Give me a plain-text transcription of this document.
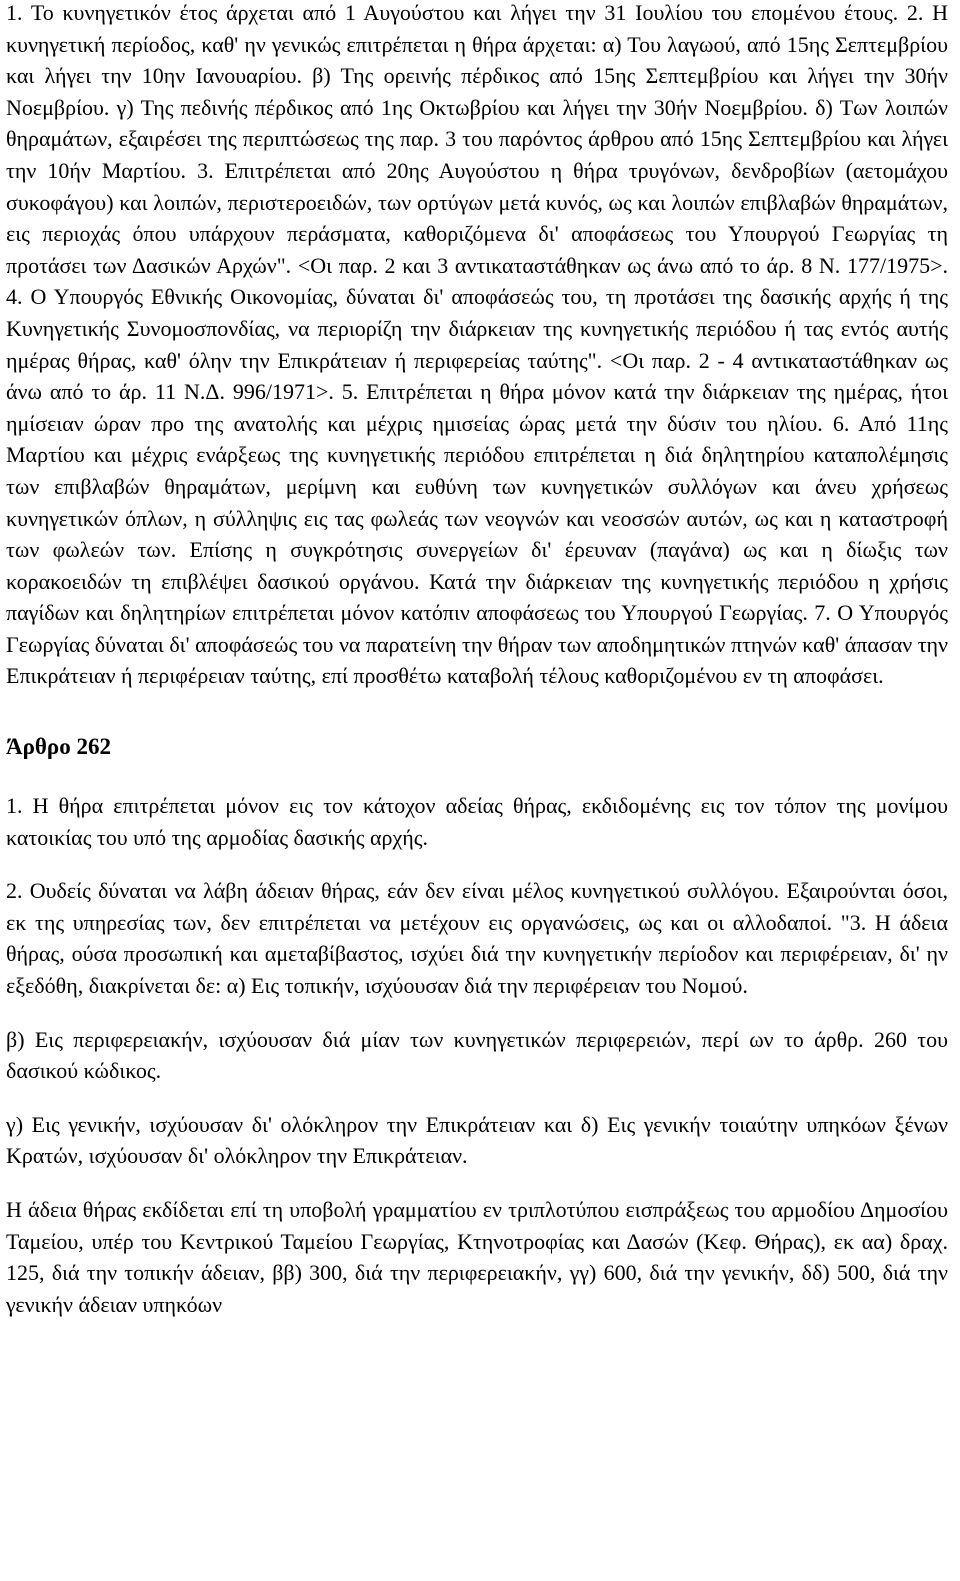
1. Το κυνηγετικόν έτος άρχεται από 1 Αυγούστου και λήγει την 31 Ιουλίου του επομένου έτους. 2. Η κυνηγετική περίοδος, καθ' ην γενικώς επιτρέπεται η θήρα άρχεται: α) Του λαγωού, από 15ης Σεπτεμβρίου και λήγει την 10ην Ιανουαρίου. β) Της ορεινής πέρδικος από 15ης Σεπτεμβρίου και λήγει την 30ήν Νοεμβρίου. γ) Της πεδινής πέρδικος από 1ης Οκτωβρίου και λήγει την 30ήν Νοεμβρίου. δ) Των λοιπών θηραμάτων, εξαιρέσει της περιπτώσεως της παρ. 3 του παρόντος άρθρου από 15ης Σεπτεμβρίου και λήγει την 10ήν Μαρτίου. 3. Επιτρέπεται από 20ης Αυγούστου η θήρα τρυγόνων, δενδροβίων (αετομάχου συκοφάγου) και λοιπών, περιστεροειδών, των ορτύγων μετά κυνός, ως και λοιπών επιβλαβών θηραμάτων, εις περιοχάς όπου υπάρχουν περάσματα, καθοριζόμενα δι' αποφάσεως του Υπουργού Γεωργίας τη προτάσει των Δασικών Αρχών". <Οι παρ. 2 και 3 αντικαταστάθηκαν ως άνω από το άρ. 8 Ν. 177/1975>. 4. Ο Υπουργός Εθνικής Οικονομίας, δύναται δι' αποφάσεώς του, τη προτάσει της δασικής αρχής ή της Κυνηγετικής Συνομοσπονδίας, να περιορίζη την διάρκειαν της κυνηγετικής περιόδου ή τας εντός αυτής ημέρας θήρας, καθ' όλην την Επικράτειαν ή περιφερείας ταύτης". <Οι παρ. 2 - 4 αντικαταστάθηκαν ως άνω από το άρ. 11 Ν.Δ. 996/1971>. 5. Επιτρέπεται η θήρα μόνον κατά την διάρκειαν της ημέρας, ήτοι ημίσειαν ώραν προ της ανατολής και μέχρις ημισείας ώρας μετά την δύσιν του ηλίου. 6. Από 11ης Μαρτίου και μέχρις ενάρξεως της κυνηγετικής περιόδου επιτρέπεται η διά δηλητηρίου καταπολέμησις των επιβλαβών θηραμάτων, μερίμνη και ευθύνη των κυνηγετικών συλλόγων και άνευ χρήσεως κυνηγετικών όπλων, η σύλληψις εις τας φωλεάς των νεογνών και νεοσσών αυτών, ως και η καταστροφή των φωλεών των. Επίσης η συγκρότησις συνεργείων δι' έρευναν (παγάνα) ως και η δίωξις των κορακοειδών τη επιβλέψει δασικού οργάνου. Κατά την διάρκειαν της κυνηγετικής περιόδου η χρήσις παγίδων και δηλητηρίων επιτρέπεται μόνον κατόπιν αποφάσεως του Υπουργού Γεωργίας. 7. Ο Υπουργός Γεωργίας δύναται δι' αποφάσεώς του να παρατείνη την θήραν των αποδημητικών πτηνών καθ' άπασαν την Επικράτειαν ή περιφέρειαν ταύτης, επί προσθέτω καταβολή τέλους καθοριζομένου εν τη αποφάσει.

Άρθρο 262

1. Η θήρα επιτρέπεται μόνον εις τον κάτοχον αδείας θήρας, εκδιδομένης εις τον τόπον της μονίμου κατοικίας του υπό της αρμοδίας δασικής αρχής.

2. Ουδείς δύναται να λάβη άδειαν θήρας, εάν δεν είναι μέλος κυνηγετικού συλλόγου. Εξαιρούνται όσοι, εκ της υπηρεσίας των, δεν επιτρέπεται να μετέχουν εις οργανώσεις, ως και οι αλλοδαποί. "3. Η άδεια θήρας, ούσα προσωπική και αμεταβίβαστος, ισχύει διά την κυνηγετικήν περίοδον και περιφέρειαν, δι' ην εξεδόθη, διακρίνεται δε: α) Εις τοπικήν, ισχύουσαν διά την περιφέρειαν του Νομού.

β) Εις περιφερειακήν, ισχύουσαν διά μίαν των κυνηγετικών περιφερειών, περί ων το άρθρ. 260 του δασικού κώδικος.

γ) Εις γενικήν, ισχύουσαν δι' ολόκληρον την Επικράτειαν και δ) Εις γενικήν τοιαύτην υπηκόων ξένων Κρατών, ισχύουσαν δι' ολόκληρον την Επικράτειαν.

Η άδεια θήρας εκδίδεται επί τη υποβολή γραμματίου εν τριπλοτύπου εισπράξεως του αρμοδίου Δημοσίου Ταμείου, υπέρ του Κεντρικού Ταμείου Γεωργίας, Κτηνοτροφίας και Δασών (Κεφ. Θήρας), εκ αα) δραχ. 125, διά την τοπικήν άδειαν, ββ) 300, διά την περιφερειακήν, γγ) 600, διά την γενικήν, δδ) 500, διά την γενικήν άδειαν υπηκόων
